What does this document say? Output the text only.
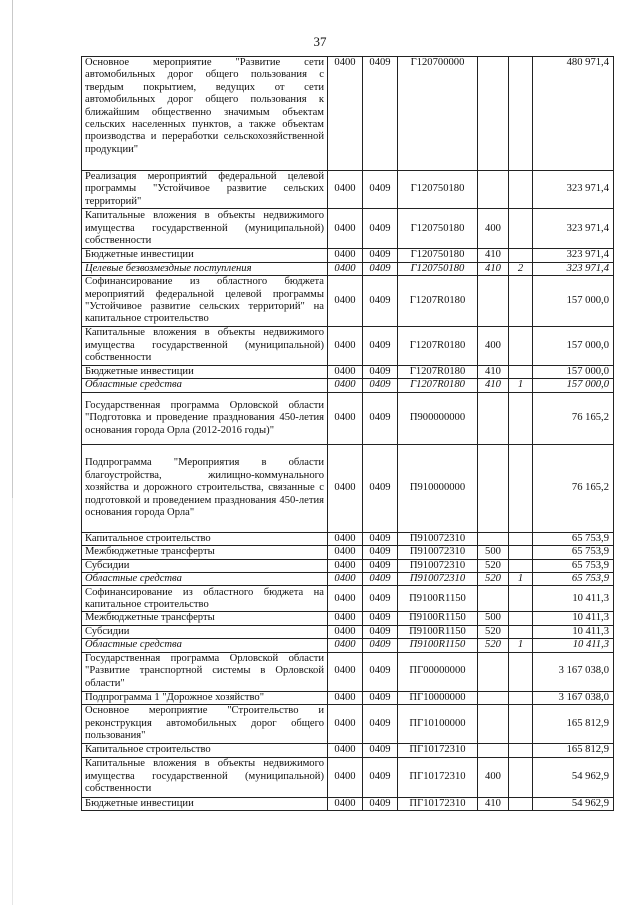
37
Основное мероприятие "Развитие сети автомобильных дорог общего пользования с твердым покрытием, ведущих от сети автомобильных дорог общего пользования к ближайшим общественно значимым объектам сельских населенных пунктов, а также объектам производства и переработки сельскохозяйственной продукции"	0400	0409	Г120700000			480 971,4
Реализация мероприятий федеральной целевой программы "Устойчивое развитие сельских территорий"	0400	0409	Г120750180			323 971,4
Капитальные вложения в объекты недвижимого имущества государственной (муниципальной) собственности	0400	0409	Г120750180	400		323 971,4
Бюджетные инвестиции	0400	0409	Г120750180	410		323 971,4
Целевые безвозмездные поступления	0400	0409	Г120750180	410	2	323 971,4
Софинансирование из областного бюджета мероприятий федеральной целевой программы "Устойчивое развитие сельских территорий" на капитальное строительство	0400	0409	Г1207R0180			157 000,0
Капитальные вложения в объекты недвижимого имущества государственной (муниципальной) собственности	0400	0409	Г1207R0180	400		157 000,0
Бюджетные инвестиции	0400	0409	Г1207R0180	410		157 000,0
Областные средства	0400	0409	Г1207R0180	410	1	157 000,0
Государственная программа Орловской области "Подготовка и проведение празднования 450-летия основания города Орла (2012-2016 годы)"	0400	0409	П900000000			76 165,2
Подпрограмма "Мероприятия в области благоустройства, жилищно-коммунального хозяйства и дорожного строительства, связанные с подготовкой и проведением празднования 450-летия основания города Орла"	0400	0409	П910000000			76 165,2
Капитальное строительство	0400	0409	П910072310			65 753,9
Межбюджетные трансферты	0400	0409	П910072310	500		65 753,9
Субсидии	0400	0409	П910072310	520		65 753,9
Областные средства	0400	0409	П910072310	520	1	65 753,9
Софинансирование из областного бюджета на капитальное строительство	0400	0409	П9100R1150			10 411,3
Межбюджетные трансферты	0400	0409	П9100R1150	500		10 411,3
Субсидии	0400	0409	П9100R1150	520		10 411,3
Областные средства	0400	0409	П9100R1150	520	1	10 411,3
Государственная программа Орловской области "Развитие транспортной системы в Орловской области"	0400	0409	ПГ00000000			3 167 038,0
Подпрограмма 1 "Дорожное хозяйство"	0400	0409	ПГ10000000			3 167 038,0
Основное мероприятие "Строительство и реконструкция автомобильных дорог общего пользования"	0400	0409	ПГ10100000			165 812,9
Капитальное строительство	0400	0409	ПГ10172310			165 812,9
Капитальные вложения в объекты недвижимого имущества государственной (муниципальной) собственности	0400	0409	ПГ10172310	400		54 962,9
Бюджетные инвестиции	0400	0409	ПГ10172310	410		54 962,9
